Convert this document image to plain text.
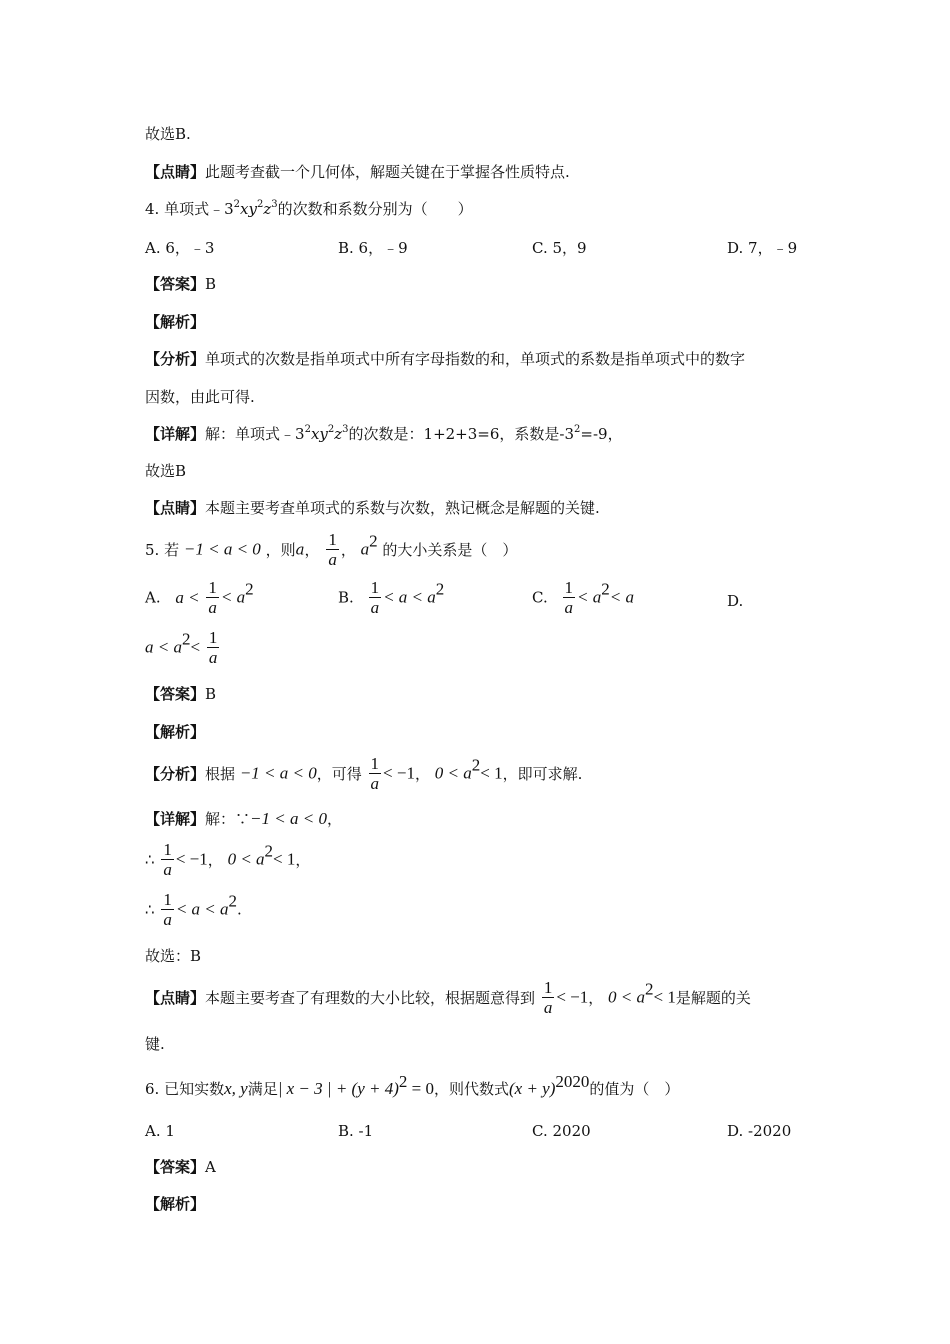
故选B.
【点睛】此题考查截一个几何体，解题关键在于掌握各性质特点.
4. 单项式$﹣3^2xy^2z^3$的次数和系数分别为（　　）
A. 6，﹣3	B. 6，﹣9	C. 5，9	D. 7，﹣9
【答案】B
【解析】
【分析】单项式的次数是指单项式中所有字母指数的和，单项式的系数是指单项式中的数字
因数，由此可得.
【详解】解：单项式$﹣3^2xy^2z^3$的次数是：1+2+3=6，系数是$-3^2=-9$，
故选B
【点睛】本题主要考查单项式的系数与次数，熟记概念是解题的关键.
5. 若 −1 < a < 0 ，则a， $\frac{1}{a}$ ， $a^2$ 的大小关系是（　）
A. $a < \frac{1}{a} < a^2$	B. $\frac{1}{a} < a < a^2$	C. $\frac{1}{a} < a^2< a$	D.
$a < a^2< \frac{1}{a}$
【答案】B
【解析】
【分析】根据 −1 < a < 0，可得 $\frac{1}{a} < -1$， $0 < a^2< 1$，即可求解.
【详解】解：∵−1 < a < 0，
∴ $\frac{1}{a} < -1$， $0 < a^2< 1$，
∴ $\frac{1}{a} < a < a^2$.
故选：B
【点睛】本题主要考查了有理数的大小比较，根据题意得到 $\frac{1}{a} < -1$， $0 < a^2< 1$是解题的关
键.
6. 已知实数x, y满足| x − 3 | + $(y + 4)^2 = 0$，则代数式$(x + y)^{2020}$的值为（　）
A. 1	B. -1	C. 2020	D. -2020
【答案】A
【解析】
